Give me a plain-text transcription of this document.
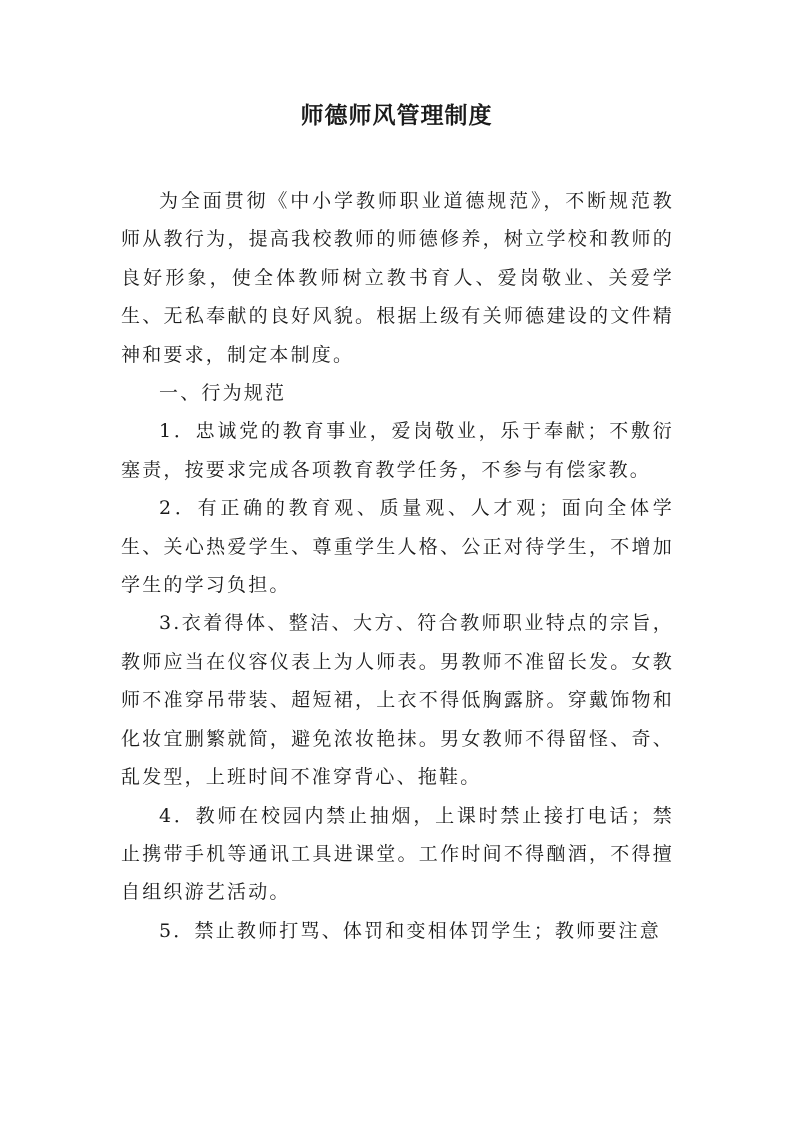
师德师风管理制度

为全面贯彻《中小学教师职业道德规范》，不断规范教师从教行为，提高我校教师的师德修养，树立学校和教师的良好形象，使全体教师树立教书育人、爱岗敬业、关爱学生、无私奉献的良好风貌。根据上级有关师德建设的文件精神和要求，制定本制度。

一、行为规范

1．忠诚党的教育事业，爱岗敬业，乐于奉献；不敷衍塞责，按要求完成各项教育教学任务，不参与有偿家教。

2．有正确的教育观、质量观、人才观；面向全体学生、关心热爱学生、尊重学生人格、公正对待学生，不增加学生的学习负担。

3.衣着得体、整洁、大方、符合教师职业特点的宗旨，教师应当在仪容仪表上为人师表。男教师不准留长发。女教师不准穿吊带装、超短裙，上衣不得低胸露脐。穿戴饰物和化妆宜删繁就简，避免浓妆艳抹。男女教师不得留怪、奇、乱发型，上班时间不准穿背心、拖鞋。

4．教师在校园内禁止抽烟，上课时禁止接打电话；禁止携带手机等通讯工具进课堂。工作时间不得酗酒，不得擅自组织游艺活动。

5．禁止教师打骂、体罚和变相体罚学生；教师要注意
